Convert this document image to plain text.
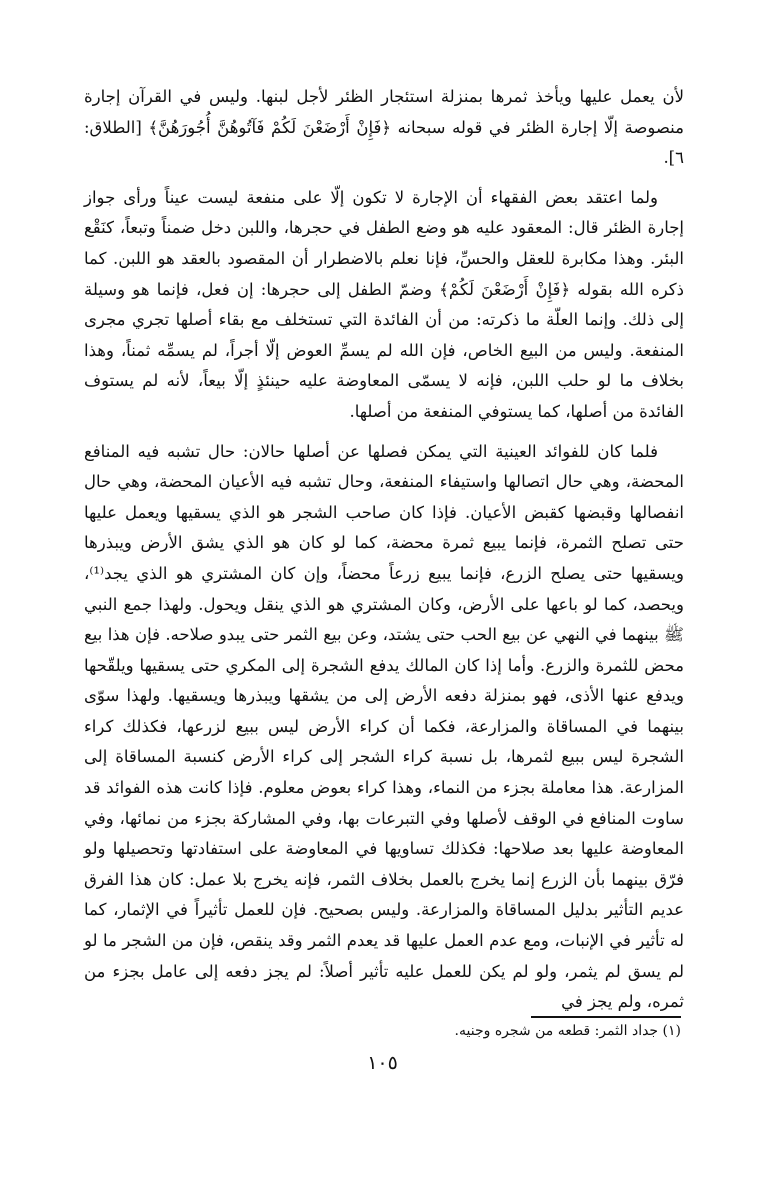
لأن يعمل عليها ويأخذ ثمرها بمنزلة استئجار الظئر لأجل لبنها. وليس في القرآن إجارة منصوصة إلّا إجارة الظئر في قوله سبحانه ﴿فَإِنْ أَرْضَعْنَ لَكُمْ فَآتُوهُنَّ أُجُورَهُنَّ﴾ [الطلاق: ٦].

ولما اعتقد بعض الفقهاء أن الإجارة لا تكون إلّا على منفعة ليست عيناً ورأى جواز إجارة الظئر قال: المعقود عليه هو وضع الطفل في حجرها، واللبن دخل ضمناً وتبعاً، كنَقْع البئر. وهذا مكابرة للعقل والحسِّ، فإنا نعلم بالاضطرار أن المقصود بالعقد هو اللبن. كما ذكره الله بقوله ﴿فَإِنْ أَرْضَعْنَ لَكُمْ﴾ وضمّ الطفل إلى حجرها: إن فعل، فإنما هو وسيلة إلى ذلك. وإنما العلّة ما ذكرته: من أن الفائدة التي تستخلف مع بقاء أصلها تجري مجرى المنفعة. وليس من البيع الخاص، فإن الله لم يسمِّ العوض إلّا أجراً، لم يسمِّه ثمناً، وهذا بخلاف ما لو حلب اللبن، فإنه لا يسمّى المعاوضة عليه حينئذٍ إلّا بيعاً، لأنه لم يستوف الفائدة من أصلها، كما يستوفي المنفعة من أصلها.

فلما كان للفوائد العينية التي يمكن فصلها عن أصلها حالان: حال تشبه فيه المنافع المحضة، وهي حال اتصالها واستيفاء المنفعة، وحال تشبه فيه الأعيان المحضة، وهي حال انفصالها وقبضها كقبض الأعيان. فإذا كان صاحب الشجر هو الذي يسقيها ويعمل عليها حتى تصلح الثمرة، فإنما يبيع ثمرة محضة، كما لو كان هو الذي يشق الأرض ويبذرها ويسقيها حتى يصلح الزرع، فإنما يبيع زرعاً محضاً، وإن كان المشتري هو الذي يجد⁽¹⁾، ويحصد، كما لو باعها على الأرض، وكان المشتري هو الذي ينقل ويحول. ولهذا جمع النبي ﷺ بينهما في النهي عن بيع الحب حتى يشتد، وعن بيع الثمر حتى يبدو صلاحه. فإن هذا بيع محض للثمرة والزرع. وأما إذا كان المالك يدفع الشجرة إلى المكري حتى يسقيها ويلقّحها ويدفع عنها الأذى، فهو بمنزلة دفعه الأرض إلى من يشقها ويبذرها ويسقيها. ولهذا سوّى بينهما في المساقاة والمزارعة، فكما أن كراء الأرض ليس ببيع لزرعها، فكذلك كراء الشجرة ليس ببيع لثمرها، بل نسبة كراء الشجر إلى كراء الأرض كنسبة المساقاة إلى المزارعة. هذا معاملة بجزء من النماء، وهذا كراء بعوض معلوم. فإذا كانت هذه الفوائد قد ساوت المنافع في الوقف لأصلها وفي التبرعات بها، وفي المشاركة بجزء من نمائها، وفي المعاوضة عليها بعد صلاحها: فكذلك تساويها في المعاوضة على استفادتها وتحصيلها ولو فرّق بينهما بأن الزرع إنما يخرج بالعمل بخلاف الثمر، فإنه يخرج بلا عمل: كان هذا الفرق عديم التأثير بدليل المساقاة والمزارعة. وليس بصحيح. فإن للعمل تأثيراً في الإثمار، كما له تأثير في الإنبات، ومع عدم العمل عليها قد يعدم الثمر وقد ينقص، فإن من الشجر ما لو لم يسق لم يثمر، ولو لم يكن للعمل عليه تأثير أصلاً: لم يجز دفعه إلى عامل بجزء من ثمره، ولم يجز في

(١) جداد الثمر: قطعه من شجره وجنيه.
١٠٥
